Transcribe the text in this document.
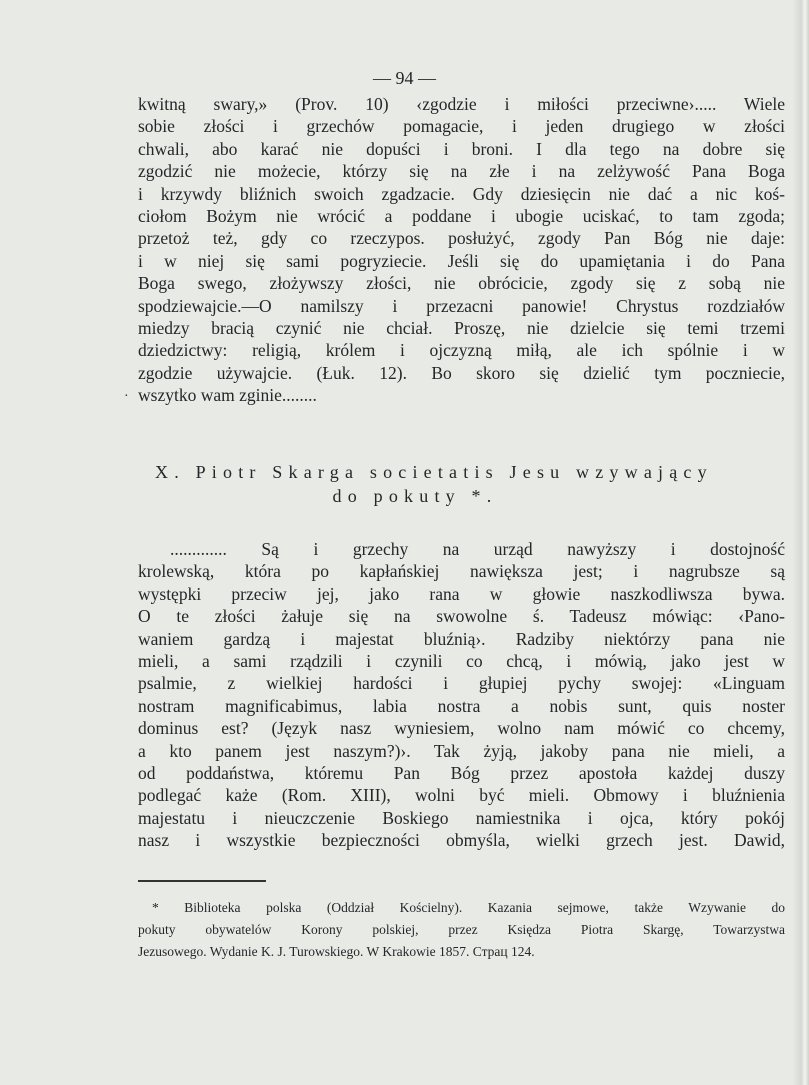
— 94 —
kwitną swary,» (Prov. 10) ‹zgodzie i miłości przeciwne›..... Wiele
sobie złości i grzechów pomagacie, i jeden drugiego w złości
chwali, abo karać nie dopuści i broni. I dla tego na dobre się
zgodzić nie możecie, którzy się na złe i na zelżywość Pana Boga
i krzywdy bliźnich swoich zgadzacie. Gdy dziesięcin nie dać a nic koś-
ciołom Bożym nie wrócić a poddane i ubogie uciskać, to tam zgoda;
przetoż też, gdy co rzeczypos. posłużyć, zgody Pan Bóg nie daje:
i w niej się sami pogryziecie. Jeśli się do upamiętania i do Pana
Boga swego, złożywszy złości, nie obrócicie, zgody się z sobą nie
spodziewajcie.—O namilszy i przezacni panowie! Chrystus rozdziałów
miedzy bracią czynić nie chciał. Proszę, nie dzielcie się temi trzemi
dziedzictwy: religią, królem i ojczyzną miłą, ale ich spólnie i w
zgodzie używajcie. (Łuk. 12). Bo skoro się dzielić tym poczniecie,
wszytko wam zginie........
·
X. Piotr Skarga societatis Jesu wzywający
do pokuty *.
............. Są i grzechy na urząd nawyższy i dostojność
krolewską, która po kapłańskiej nawiększa jest; i nagrubsze są
występki przeciw jej, jako rana w głowie naszkodliwsza bywa.
O te złości żałuje się na swowolne ś. Tadeusz mówiąc: ‹Pano-
waniem gardzą i majestat bluźnią›. Radziby niektórzy pana nie
mieli, a sami rządzili i czynili co chcą, i mówią, jako jest w
psalmie, z wielkiej hardości i głupiej pychy swojej: «Linguam
nostram magnificabimus, labia nostra a nobis sunt, quis noster
dominus est? (Język nasz wyniesiem, wolno nam mówić co chcemy,
a kto panem jest naszym?)›. Tak żyją, jakoby pana nie mieli, a
od poddaństwa, któremu Pan Bóg przez apostoła każdej duszy
podlegać każe (Rom. XIII), wolni być mieli. Obmowy i bluźnienia
majestatu i nieuczczenie Boskiego namiestnika i ojca, który pokój
nasz i wszystkie bezpieczności obmyśla, wielki grzech jest. Dawid,
* Biblioteka polska (Oddział Kościelny). Kazania sejmowe, także Wzywanie do
pokuty obywatelów Korony polskiej, przez Księdza Piotra Skargę, Towarzystwa
Jezusowego. Wydanie K. J. Turowskiego. W Krakowie 1857. Страц 124.
